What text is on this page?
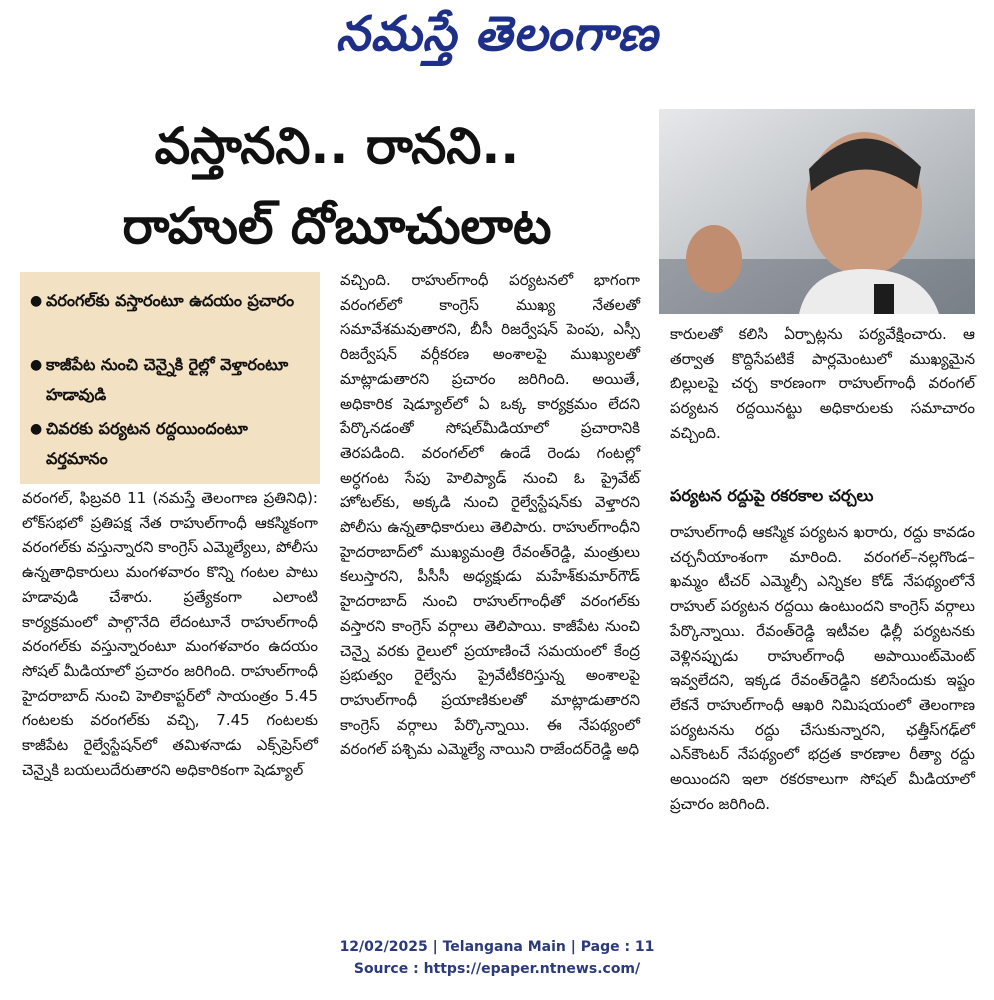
నమస్తే తెలంగాణ
వస్తానని.. రానని..
రాహుల్ దోబూచులాట
● వరంగల్‌కు వస్తారంటూ ఉదయం ప్రచారం
● కాజీపేట నుంచి చెన్నైకి రైల్లో వెళ్తారంటూ హడావుడి
● చివరకు పర్యటన రద్దయిందంటూ వర్తమానం
వరంగల్, ఫిబ్రవరి 11 (నమస్తే తెలంగాణ ప్రతినిధి): లోక్‌సభలో ప్రతిపక్ష నేత రాహుల్‌గాంధీ ఆకస్మికంగా వరంగల్‌కు వస్తున్నారని కాంగ్రెస్ ఎమ్మెల్యేలు, పోలీసు ఉన్నతాధికారులు మంగళవారం కొన్ని గంటల పాటు హడావుడి చేశారు. ప్రత్యేకంగా ఎలాంటి కార్యక్రమంలో పాల్గొనేది లేదంటూనే రాహుల్‌గాంధీ వరంగల్‌కు వస్తున్నారంటూ మంగళవారం ఉదయం సోషల్ మీడియాలో ప్రచారం జరిగింది. రాహుల్‌గాంధీ హైదరాబాద్ నుంచి హెలికాప్టర్‌లో సాయంత్రం 5.45 గంటలకు వరంగల్‌కు వచ్చి, 7.45 గంటలకు కాజీపేట రైల్వేస్టేషన్‌లో తమిళనాడు ఎక్స్‌ప్రెస్‌లో చెన్నైకి బయలుదేరుతారని అధికారికంగా షెడ్యూల్
వచ్చింది. రాహుల్‌గాంధీ పర్యటనలో భాగంగా వరంగల్‌లో కాంగ్రెస్ ముఖ్య నేతలతో సమావేశమవుతారని, బీసీ రిజర్వేషన్ పెంపు, ఎస్సీ రిజర్వేషన్ వర్గీకరణ అంశాలపై ముఖ్యులతో మాట్లాడుతారని ప్రచారం జరిగింది. అయితే, అధికారిక షెడ్యూల్‌లో ఏ ఒక్క కార్యక్రమం లేదని పేర్కొనడంతో సోషల్‌మీడియాలో ప్రచారానికి తెరపడింది. వరంగల్‌లో ఉండే రెండు గంటల్లో అర్ధగంట సేపు హెలిప్యాడ్ నుంచి ఓ ప్రైవేట్ హోటల్‌కు, అక్కడి నుంచి రైల్వేస్టేషన్‌కు వెళ్తారని పోలీసు ఉన్నతాధికారులు తెలిపారు. రాహుల్‌గాంధీని హైదరాబాద్‌లో ముఖ్యమంత్రి రేవంత్‌రెడ్డి, మంత్రులు కలుస్తారని, పీసీసీ అధ్యక్షుడు మహేశ్‌కుమార్‌గౌడ్ హైదరాబాద్ నుంచి రాహుల్‌గాంధీతో వరంగల్‌కు వస్తారని కాంగ్రెస్ వర్గాలు తెలిపాయి. కాజీపేట నుంచి చెన్నై వరకు రైలులో ప్రయాణించే సమయంలో కేంద్ర ప్రభుత్వం రైల్వేను ప్రైవేటీకరిస్తున్న అంశాలపై రాహుల్‌గాంధీ ప్రయాణికులతో మాట్లాడుతారని కాంగ్రెస్ వర్గాలు పేర్కొన్నాయి. ఈ నేపథ్యంలో వరంగల్ పశ్చిమ ఎమ్మెల్యే నాయిని రాజేందర్‌రెడ్డి అధి
కారులతో కలిసి ఏర్పాట్లను పర్యవేక్షించారు. ఆ తర్వాత కొద్దిసేపటికే పార్లమెంటులో ముఖ్యమైన బిల్లులపై చర్చ కారణంగా రాహుల్‌గాంధీ వరంగల్ పర్యటన రద్దయినట్టు అధికారులకు సమాచారం వచ్చింది.
పర్యటన రద్దుపై రకరకాల చర్చలు
రాహుల్‌గాంధీ ఆకస్మిక పర్యటన ఖరారు, రద్దు కావడం చర్చనీయాంశంగా మారింది. వరంగల్–నల్లగొండ–ఖమ్మం టీచర్ ఎమ్మెల్సీ ఎన్నికల కోడ్ నేపథ్యంలోనే రాహుల్ పర్యటన రద్దయి ఉంటుందని కాంగ్రెస్ వర్గాలు పేర్కొన్నాయి. రేవంత్‌రెడ్డి ఇటీవల ఢిల్లీ పర్యటనకు వెళ్లినప్పుడు రాహుల్‌గాంధీ అపాయింట్‌మెంట్ ఇవ్వలేదని, ఇక్కడ రేవంత్‌రెడ్డిని కలిసేందుకు ఇష్టం లేకనే రాహుల్‌గాంధీ ఆఖరి నిమిషయంలో తెలంగాణ పర్యటనను రద్దు చేసుకున్నారని, ఛత్తీస్‌గఢ్‌లో ఎన్‌కౌంటర్ నేపథ్యంలో భద్రత కారణాల రీత్యా రద్దు అయిందని ఇలా రకరకాలుగా సోషల్ మీడియాలో ప్రచారం జరిగింది.
12/02/2025 | Telangana Main | Page : 11
Source : https://epaper.ntnews.com/
